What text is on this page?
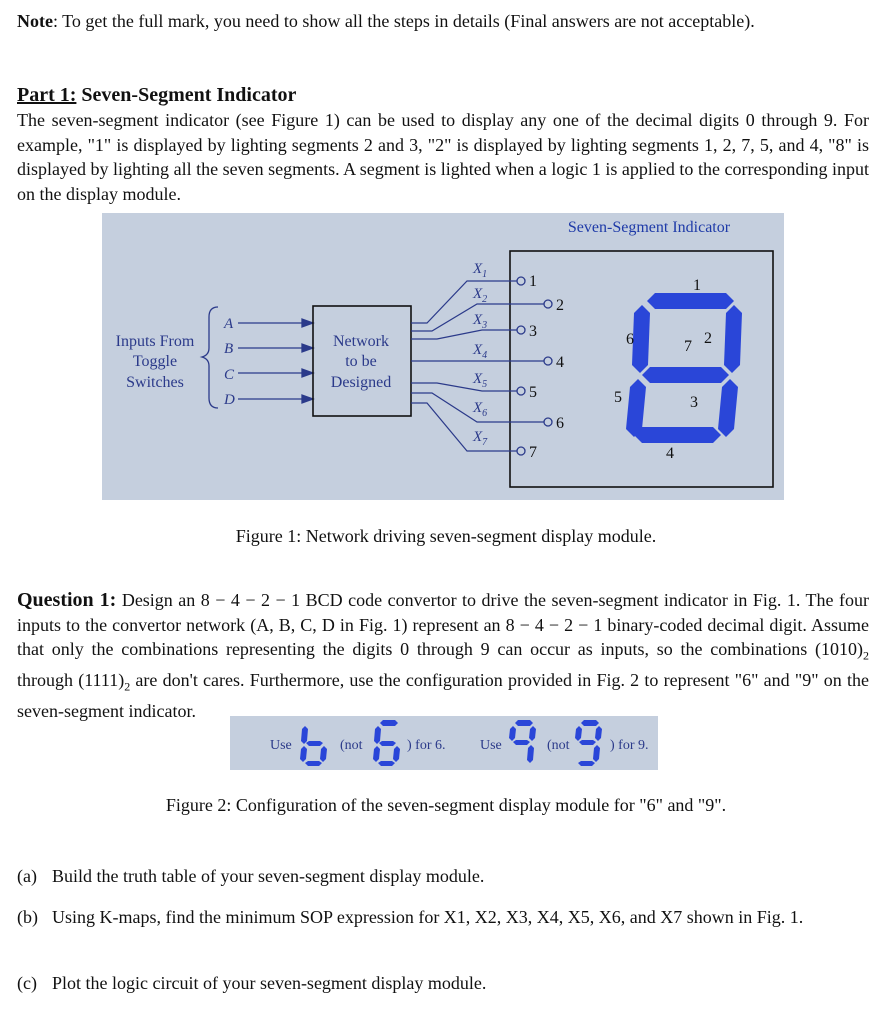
Note: To get the full mark, you need to show all the steps in details (Final answers are not acceptable).

Part 1: Seven-Segment Indicator

The seven-segment indicator (see Figure 1) can be used to display any one of the decimal digits 0 through 9. For example, "1" is displayed by lighting segments 2 and 3, "2" is displayed by lighting segments 1, 2, 7, 5, and 4, "8" is displayed by lighting all the seven segments. A segment is lighted when a logic 1 is applied to the corresponding input on the display module.

Seven-Segment Indicator
Inputs From
Toggle
Switches
A
B
C
D
Network
to be
Designed
$X_1$
$X_2$
$X_3$
$X_4$
$X_5$
$X_6$
$X_7$
1
2
3
4
5
6
7
1
2
3
4
5
6	7
Figure 1: Network driving seven-segment display module.

Question 1: Design an 8 − 4 − 2 − 1 BCD code convertor to drive the seven-segment indicator in Fig. 1. The four inputs to the convertor network (A, B, C, D in Fig. 1) represent an 8 − 4 − 2 − 1 binary-coded decimal digit. Assume that only the combinations representing the digits 0 through 9 can occur as inputs, so the combinations $(1010)_2$ through $(1111)_2$ are don't cares. Furthermore, use the configuration provided in Fig. 2 to represent "6" and "9" on the seven-segment indicator.

Use	(not	) for 6. Use	(not	) for 9.
Figure 2: Configuration of the seven-segment display module for "6" and "9".
(a) Build the truth table of your seven-segment display module.
(b) Using K-maps, find the minimum SOP expression for X1, X2, X3, X4, X5, X6, and X7 shown in Fig. 1.
(c) Plot the logic circuit of your seven-segment display module.
